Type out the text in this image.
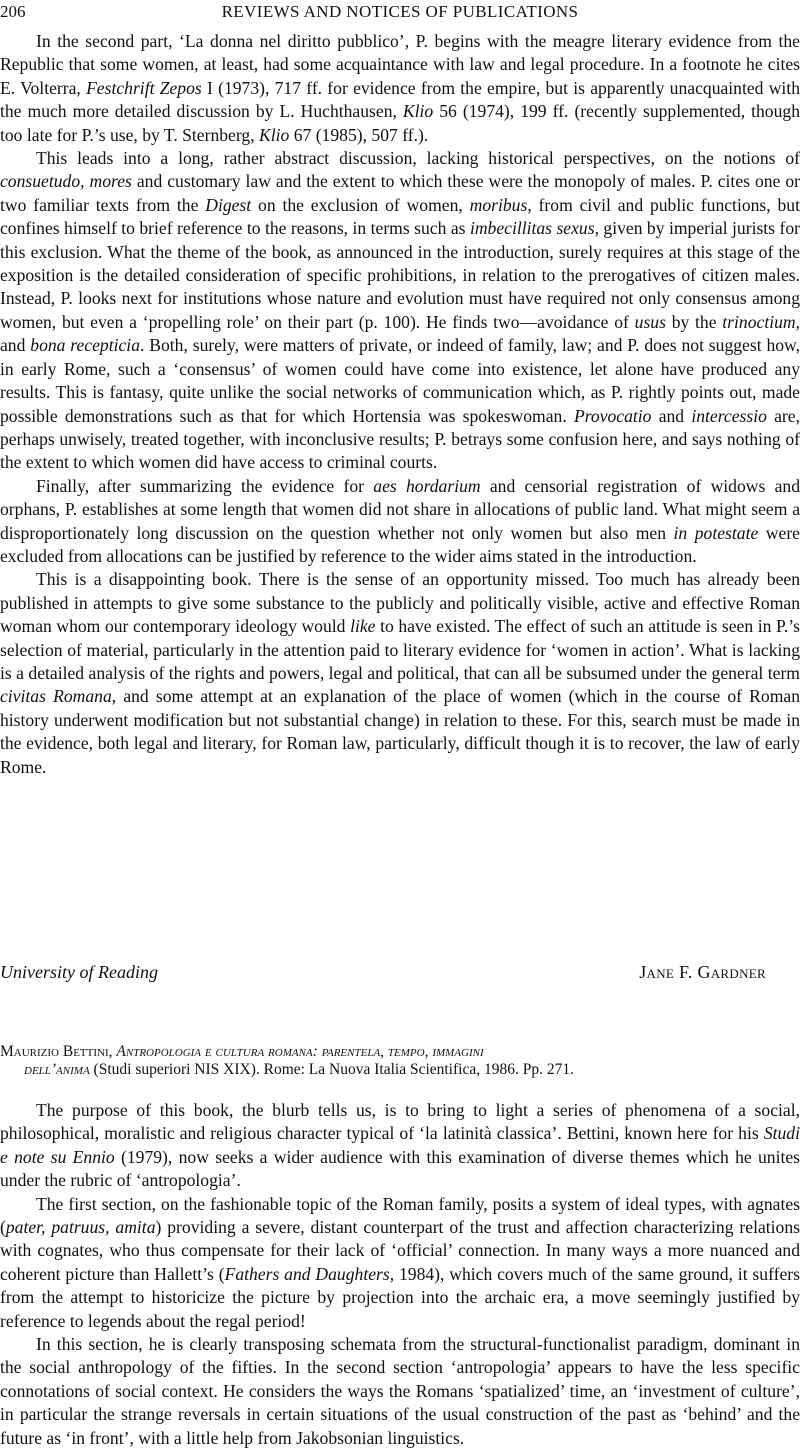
206	REVIEWS AND NOTICES OF PUBLICATIONS

In the second part, ‘La donna nel diritto pubblico’, P. begins with the meagre literary evidence from the Republic that some women, at least, had some acquaintance with law and legal procedure. In a footnote he cites E. Volterra, Festchrift Zepos I (1973), 717 ff. for evidence from the empire, but is apparently unacquainted with the much more detailed discussion by L. Huchthausen, Klio 56 (1974), 199 ff. (recently supplemented, though too late for P.’s use, by T. Sternberg, Klio 67 (1985), 507 ff.).

This leads into a long, rather abstract discussion, lacking historical perspectives, on the notions of consuetudo, mores and customary law and the extent to which these were the monopoly of males. P. cites one or two familiar texts from the Digest on the exclusion of women, moribus, from civil and public functions, but confines himself to brief reference to the reasons, in terms such as imbecillitas sexus, given by imperial jurists for this exclusion. What the theme of the book, as announced in the introduction, surely requires at this stage of the exposition is the detailed consideration of specific prohibitions, in relation to the prerogatives of citizen males. Instead, P. looks next for institutions whose nature and evolution must have required not only consensus among women, but even a ‘propelling role’ on their part (p. 100). He finds two—avoidance of usus by the trinoctium, and bona recepticia. Both, surely, were matters of private, or indeed of family, law; and P. does not suggest how, in early Rome, such a ‘consensus’ of women could have come into existence, let alone have produced any results. This is fantasy, quite unlike the social networks of communication which, as P. rightly points out, made possible demonstrations such as that for which Hortensia was spokeswoman. Provocatio and intercessio are, perhaps unwisely, treated together, with inconclusive results; P. betrays some confusion here, and says nothing of the extent to which women did have access to criminal courts.

Finally, after summarizing the evidence for aes hordarium and censorial registration of widows and orphans, P. establishes at some length that women did not share in allocations of public land. What might seem a disproportionately long discussion on the question whether not only women but also men in potestate were excluded from allocations can be justified by reference to the wider aims stated in the introduction.

This is a disappointing book. There is the sense of an opportunity missed. Too much has already been published in attempts to give some substance to the publicly and politically visible, active and effective Roman woman whom our contemporary ideology would like to have existed. The effect of such an attitude is seen in P.’s selection of material, particularly in the attention paid to literary evidence for ‘women in action’. What is lacking is a detailed analysis of the rights and powers, legal and political, that can all be subsumed under the general term civitas Romana, and some attempt at an explanation of the place of women (which in the course of Roman history underwent modification but not substantial change) in relation to these. For this, search must be made in the evidence, both legal and literary, for Roman law, particularly, difficult though it is to recover, the law of early Rome.

University of Reading	Jane F. Gardner
Maurizio Bettini, Antropologia e cultura romana: parentela, tempo, immagini
dell’anima (Studi superiori NIS XIX). Rome: La Nuova Italia Scientifica, 1986. Pp. 271.

The purpose of this book, the blurb tells us, is to bring to light a series of phenomena of a social, philosophical, moralistic and religious character typical of ‘la latinità classica’. Bettini, known here for his Studi e note su Ennio (1979), now seeks a wider audience with this examination of diverse themes which he unites under the rubric of ‘antropologia’.

The first section, on the fashionable topic of the Roman family, posits a system of ideal types, with agnates (pater, patruus, amita) providing a severe, distant counterpart of the trust and affection characterizing relations with cognates, who thus compensate for their lack of ‘official’ connection. In many ways a more nuanced and coherent picture than Hallett’s (Fathers and Daughters, 1984), which covers much of the same ground, it suffers from the attempt to historicize the picture by projection into the archaic era, a move seemingly justified by reference to legends about the regal period!

In this section, he is clearly transposing schemata from the structural-functionalist paradigm, dominant in the social anthropology of the fifties. In the second section ‘antropologia’ appears to have the less specific connotations of social context. He considers the ways the Romans ‘spatialized’ time, an ‘investment of culture’, in particular the strange reversals in certain situations of the usual construction of the past as ‘behind’ and the future as ‘in front’, with a little help from Jakobsonian linguistics.
